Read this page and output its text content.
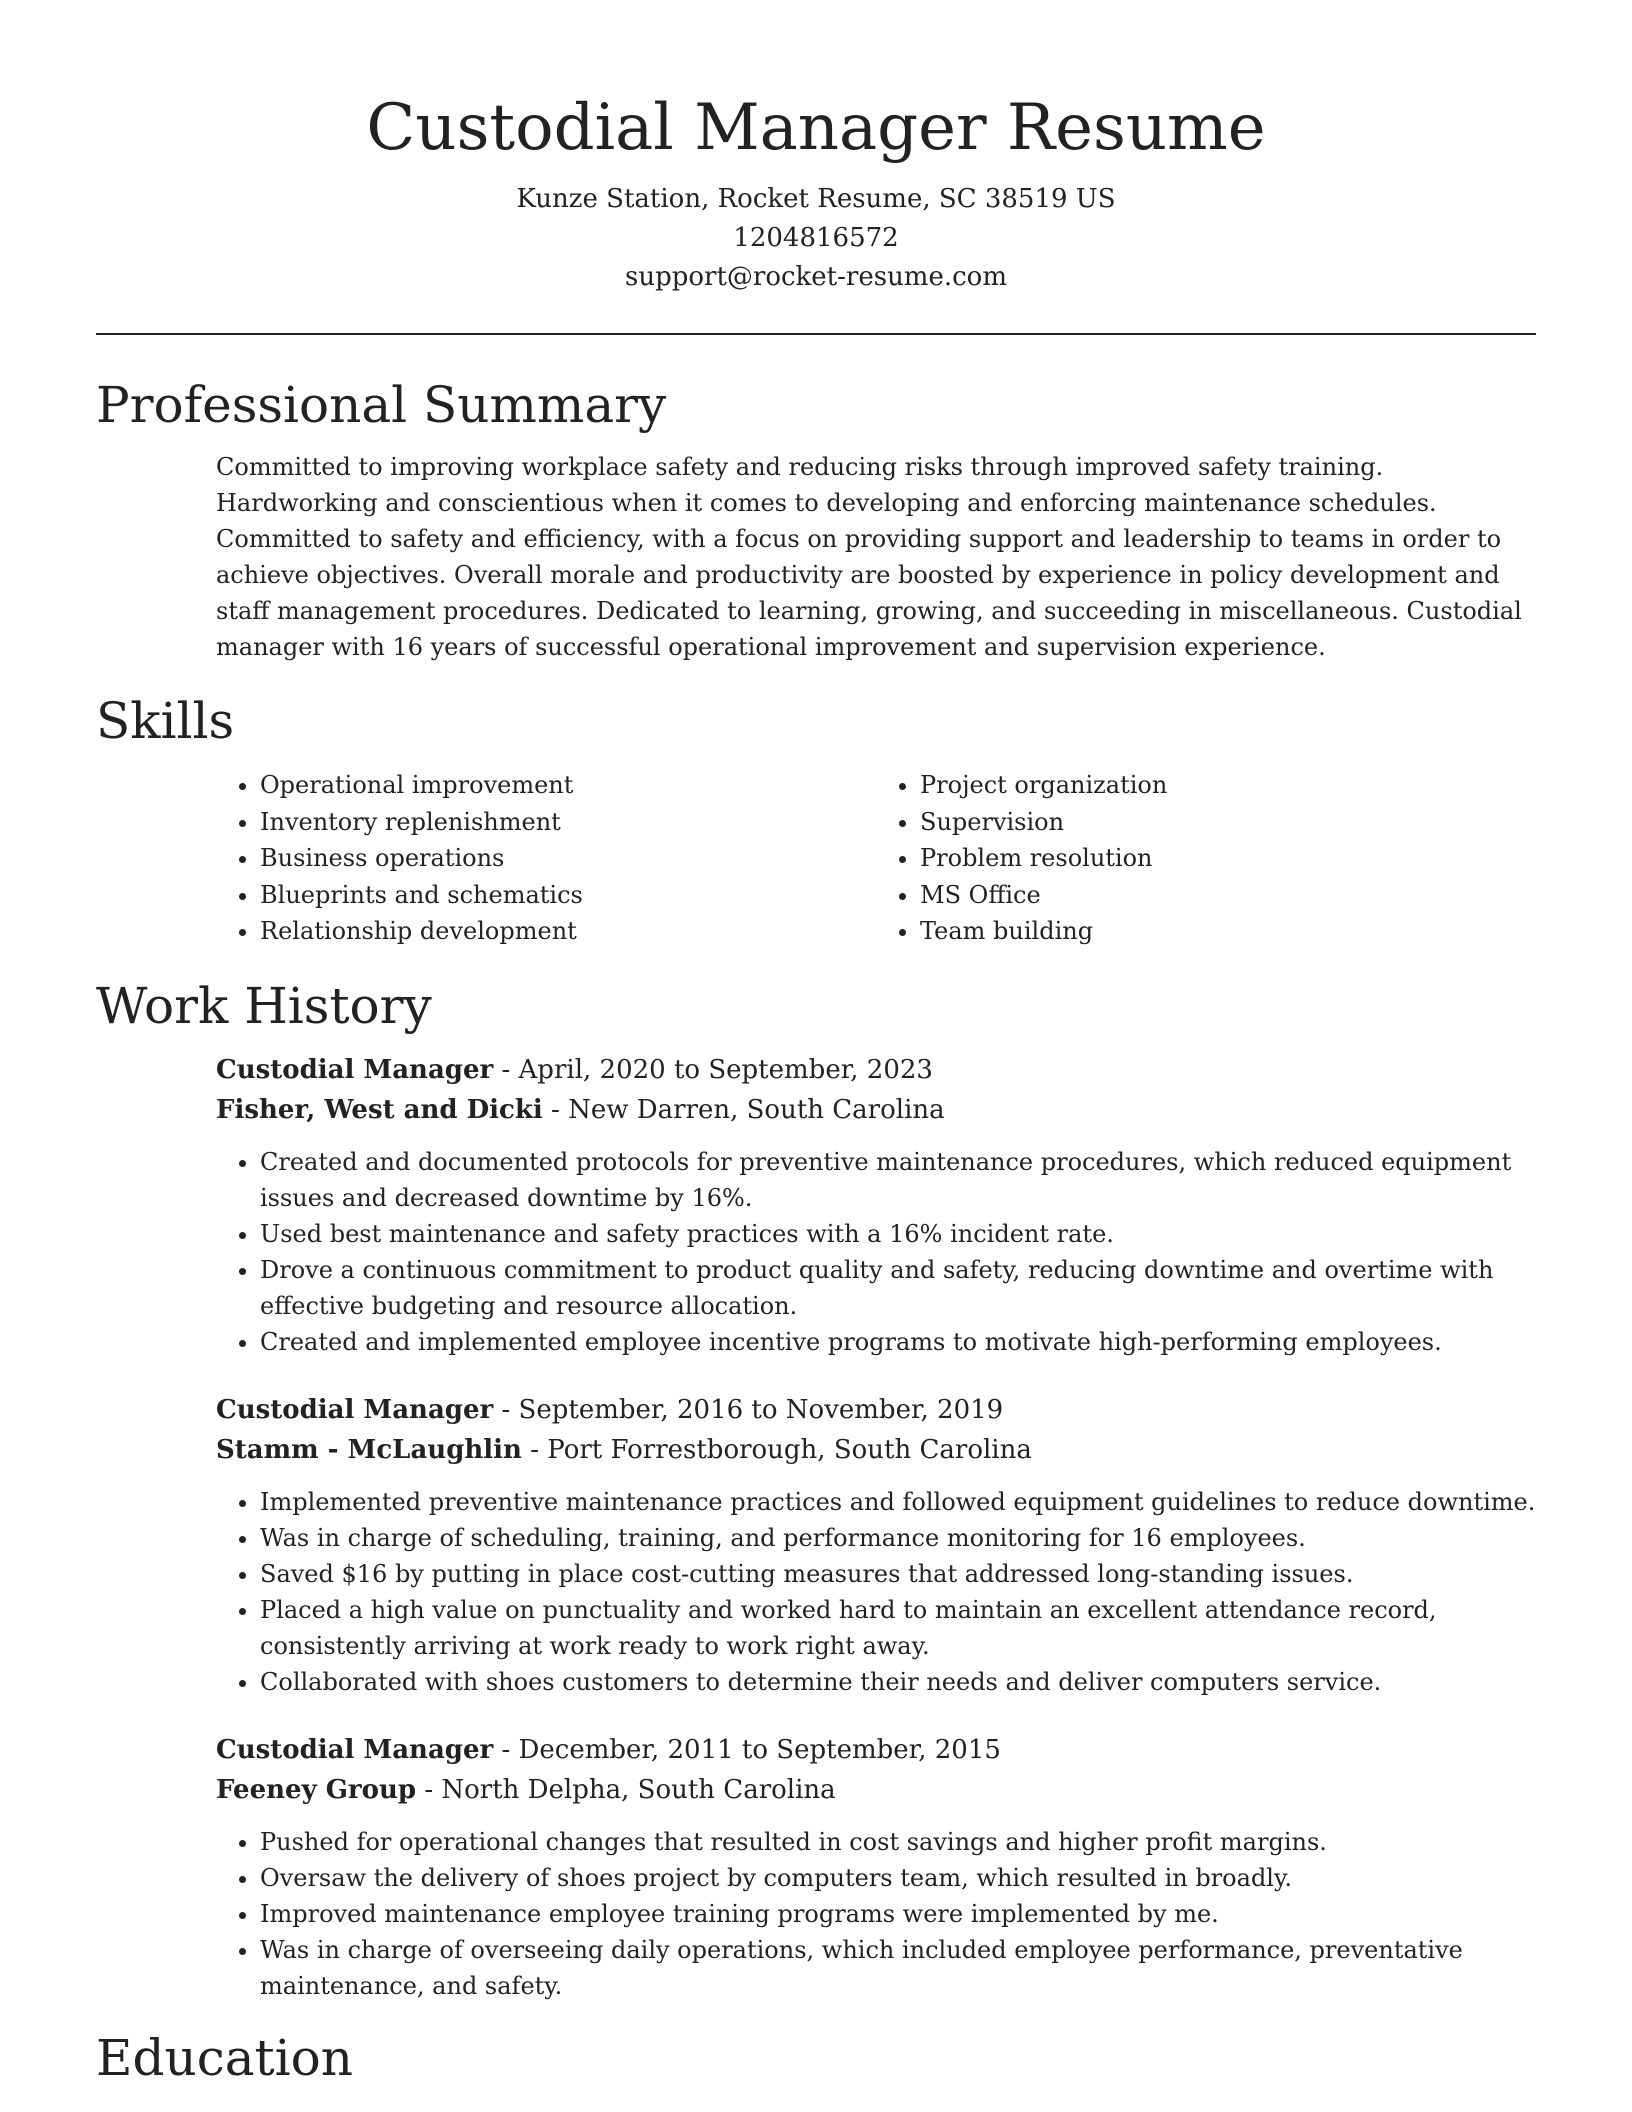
Custodial Manager Resume

Kunze Station, Rocket Resume, SC 38519 US

1204816572

support@rocket-resume.com

Professional Summary

Committed to improving workplace safety and reducing risks through improved safety training. Hardworking and conscientious when it comes to developing and enforcing maintenance schedules. Committed to safety and efficiency, with a focus on providing support and leadership to teams in order to achieve objectives. Overall morale and productivity are boosted by experience in policy development and staff management procedures. Dedicated to learning, growing, and succeeding in miscellaneous. Custodial manager with 16 years of successful operational improvement and supervision experience.

Skills
• Operational improvement
• Inventory replenishment
• Business operations
• Blueprints and schematics
• Relationship development
• Project organization
• Supervision
• Problem resolution
• MS Office
• Team building
Work History

Custodial Manager - April, 2020 to September, 2023

Fisher, West and Dicki - New Darren, South Carolina

• Created and documented protocols for preventive maintenance procedures, which reduced equipment issues and decreased downtime by 16%.
• Used best maintenance and safety practices with a 16% incident rate.
• Drove a continuous commitment to product quality and safety, reducing downtime and overtime with effective budgeting and resource allocation.
• Created and implemented employee incentive programs to motivate high-performing employees.

Custodial Manager - September, 2016 to November, 2019

Stamm - McLaughlin - Port Forrestborough, South Carolina

• Implemented preventive maintenance practices and followed equipment guidelines to reduce downtime.
• Was in charge of scheduling, training, and performance monitoring for 16 employees.
• Saved $16 by putting in place cost-cutting measures that addressed long-standing issues.
• Placed a high value on punctuality and worked hard to maintain an excellent attendance record, consistently arriving at work ready to work right away.
• Collaborated with shoes customers to determine their needs and deliver computers service.

Custodial Manager - December, 2011 to September, 2015

Feeney Group - North Delpha, South Carolina

• Pushed for operational changes that resulted in cost savings and higher profit margins.
• Oversaw the delivery of shoes project by computers team, which resulted in broadly.
• Improved maintenance employee training programs were implemented by me.
• Was in charge of overseeing daily operations, which included employee performance, preventative maintenance, and safety.
Education
